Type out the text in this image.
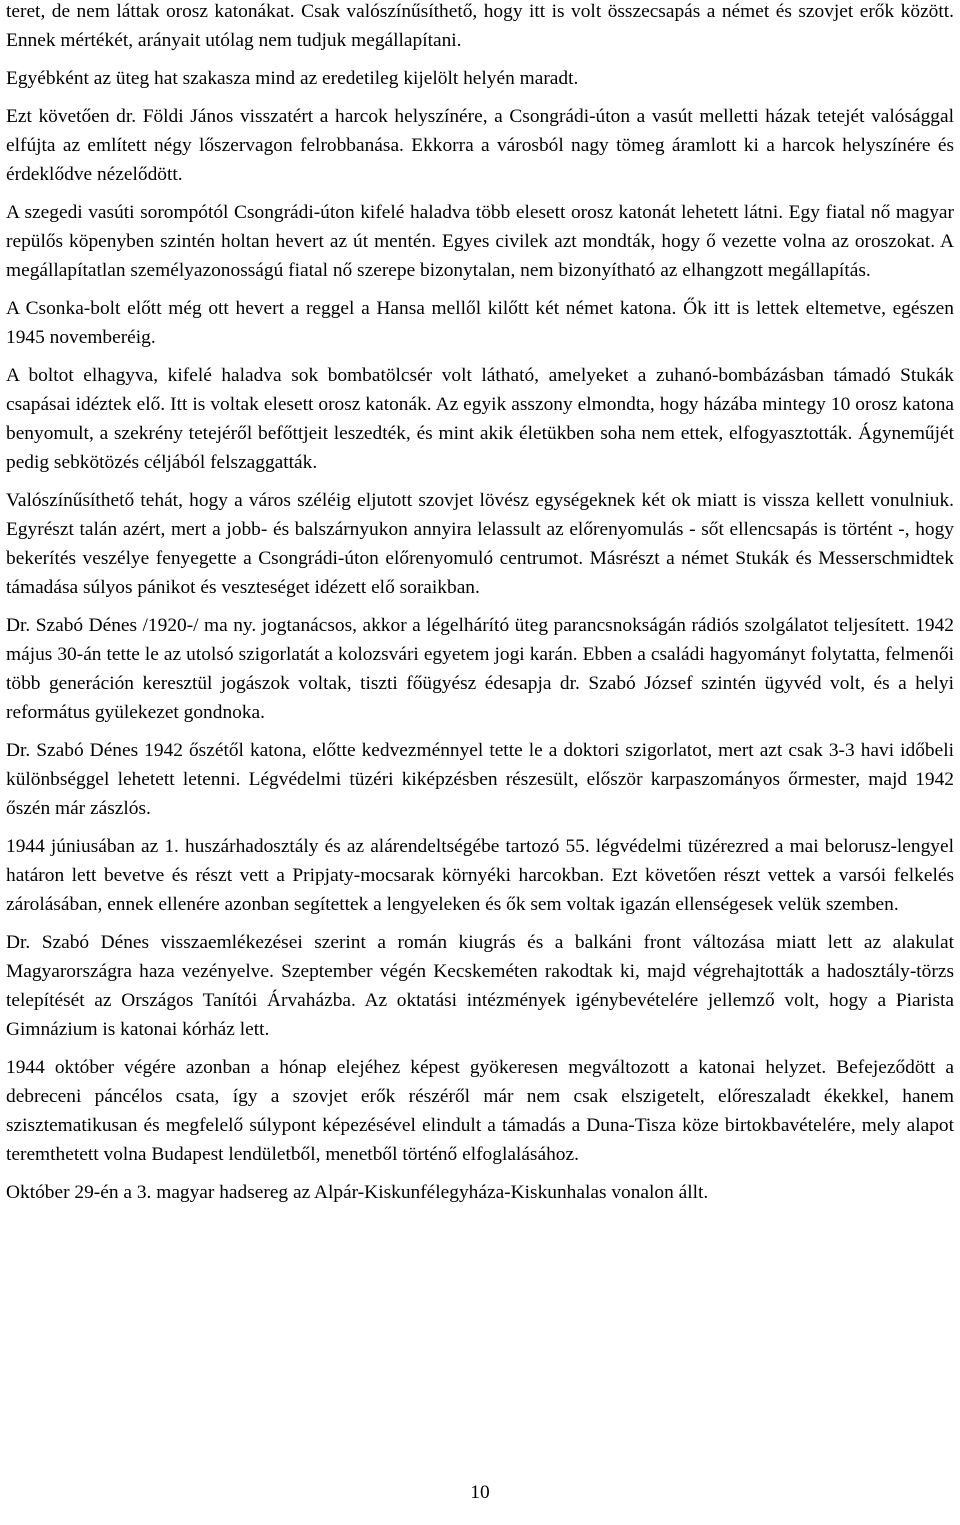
teret, de nem láttak orosz katonákat. Csak valószínűsíthető, hogy itt is volt összecsapás a német és szovjet erők között. Ennek mértékét, arányait utólag nem tudjuk megállapítani.

Egyébként az üteg hat szakasza mind az eredetileg kijelölt helyén maradt.

Ezt követően dr. Földi János visszatért a harcok helyszínére, a Csongrádi-úton a vasút melletti házak tetejét valósággal elfújta az említett négy lőszervagon felrobbanása. Ekkorra a városból nagy tömeg áramlott ki a harcok helyszínére és érdeklődve nézelődött.

A szegedi vasúti sorompótól Csongrádi-úton kifelé haladva több elesett orosz katonát lehetett látni. Egy fiatal nő magyar repülős köpenyben szintén holtan hevert az út mentén. Egyes civilek azt mondták, hogy ő vezette volna az oroszokat. A megállapítatlan személyazonosságú fiatal nő szerepe bizonytalan, nem bizonyítható az elhangzott megállapítás.

A Csonka-bolt előtt még ott hevert a reggel a Hansa mellől kilőtt két német katona. Ők itt is lettek eltemetve, egészen 1945 novemberéig.

A boltot elhagyva, kifelé haladva sok bombatölcsér volt látható, amelyeket a zuhanó-bombázásban támadó Stukák csapásai idéztek elő. Itt is voltak elesett orosz katonák. Az egyik asszony elmondta, hogy házába mintegy 10 orosz katona benyomult, a szekrény tetejéről befőttjeit leszedték, és mint akik életükben soha nem ettek, elfogyasztották. Ágyneműjét pedig sebkötözés céljából felszaggatták.

Valószínűsíthető tehát, hogy a város széléig eljutott szovjet lövész egységeknek két ok miatt is vissza kellett vonulniuk. Egyrészt talán azért, mert a jobb- és balszárnyukon annyira lelassult az előrenyomulás - sőt ellencsapás is történt -, hogy bekerítés veszélye fenyegette a Csongrádi-úton előrenyomuló centrumot. Másrészt a német Stukák és Messerschmidtek támadása súlyos pánikot és veszteséget idézett elő soraikban.

Dr. Szabó Dénes /1920-/ ma ny. jogtanácsos, akkor a légelhárító üteg parancsnokságán rádiós szolgálatot teljesített. 1942 május 30-án tette le az utolsó szigorlatát a kolozsvári egyetem jogi karán. Ebben a családi hagyományt folytatta, felmenői több generáción keresztül jogászok voltak, tiszti főügyész édesapja dr. Szabó József szintén ügyvéd volt, és a helyi református gyülekezet gondnoka.

Dr. Szabó Dénes 1942 őszétől katona, előtte kedvezménnyel tette le a doktori szigorlatot, mert azt csak 3-3 havi időbeli különbséggel lehetett letenni. Légvédelmi tüzéri kiképzésben részesült, először karpaszományos őrmester, majd 1942 őszén már zászlós.

1944 júniusában az 1. huszárhadosztály és az alárendeltségébe tartozó 55. légvédelmi tüzérezred a mai belorusz-lengyel határon lett bevetve és részt vett a Pripjaty-mocsarak környéki harcokban. Ezt követően részt vettek a varsói felkelés zárolásában, ennek ellenére azonban segítettek a lengyeleken és ők sem voltak igazán ellenségesek velük szemben.

Dr. Szabó Dénes visszaemlékezései szerint a román kiugrás és a balkáni front változása miatt lett az alakulat Magyarországra haza vezényelve. Szeptember végén Kecskeméten rakodtak ki, majd végrehajtották a hadosztály-törzs telepítését az Országos Tanítói Árvaházba. Az oktatási intézmények igénybevételére jellemző volt, hogy a Piarista Gimnázium is katonai kórház lett.

1944 október végére azonban a hónap elejéhez képest gyökeresen megváltozott a katonai helyzet. Befejeződött a debreceni páncélos csata, így a szovjet erők részéről már nem csak elszigetelt, előreszaladt ékekkel, hanem szisztematikusan és megfelelő súlypont képezésével elindult a támadás a Duna-Tisza köze birtokbavételére, mely alapot teremthetett volna Budapest lendületből, menetből történő elfoglalásához.

Október 29-én a 3. magyar hadsereg az Alpár-Kiskunfélegyháza-Kiskunhalas vonalon állt.

10
